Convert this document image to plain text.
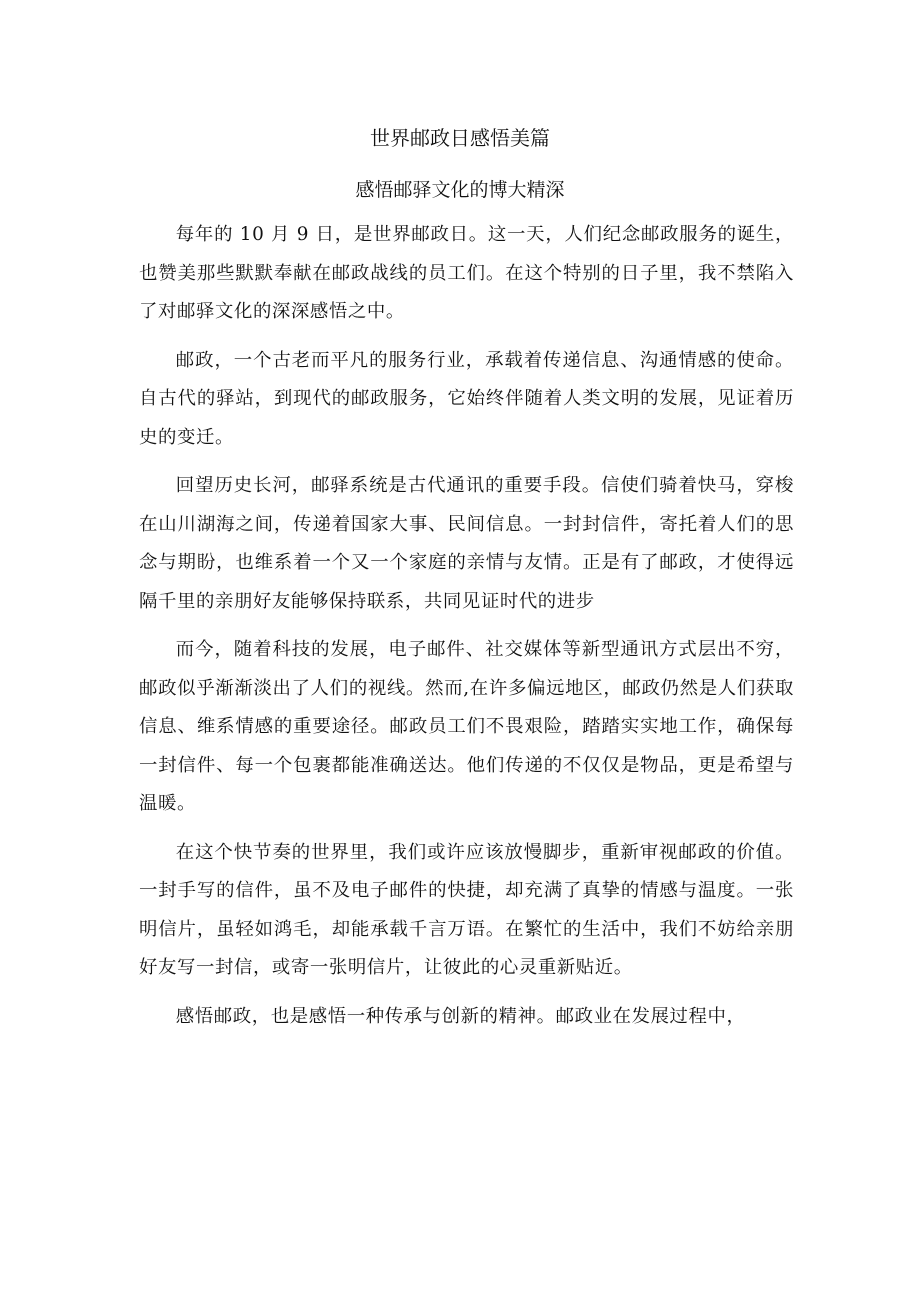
世界邮政日感悟美篇
感悟邮驿文化的博大精深

每年的 10 月 9 日，是世界邮政日。这一天，人们纪念邮政服务的诞生，也赞美那些默默奉献在邮政战线的员工们。在这个特别的日子里，我不禁陷入了对邮驿文化的深深感悟之中。

邮政，一个古老而平凡的服务行业，承载着传递信息、沟通情感的使命。自古代的驿站，到现代的邮政服务，它始终伴随着人类文明的发展，见证着历史的变迁。

回望历史长河，邮驿系统是古代通讯的重要手段。信使们骑着快马，穿梭在山川湖海之间，传递着国家大事、民间信息。一封封信件，寄托着人们的思念与期盼，也维系着一个又一个家庭的亲情与友情。正是有了邮政，才使得远隔千里的亲朋好友能够保持联系，共同见证时代的进步

而今，随着科技的发展，电子邮件、社交媒体等新型通讯方式层出不穷，邮政似乎渐渐淡出了人们的视线。然而,在许多偏远地区，邮政仍然是人们获取信息、维系情感的重要途径。邮政员工们不畏艰险，踏踏实实地工作，确保每一封信件、每一个包裹都能准确送达。他们传递的不仅仅是物品，更是希望与温暖。

在这个快节奏的世界里，我们或许应该放慢脚步，重新审视邮政的价值。一封手写的信件，虽不及电子邮件的快捷，却充满了真挚的情感与温度。一张明信片，虽轻如鸿毛，却能承载千言万语。在繁忙的生活中，我们不妨给亲朋好友写一封信，或寄一张明信片，让彼此的心灵重新贴近。

感悟邮政，也是感悟一种传承与创新的精神。邮政业在发展过程中，
